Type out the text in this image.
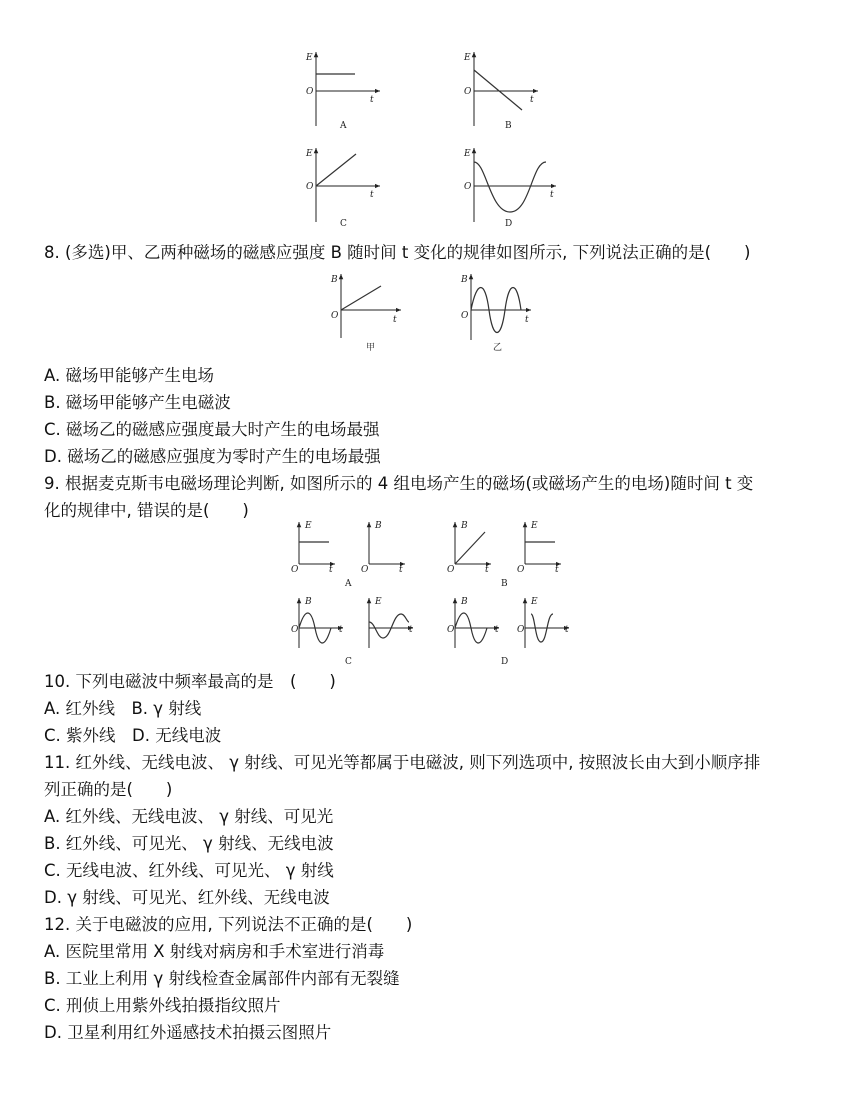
E
O
t
A
E
O
t
B
E
O
t
C
E
O
t
D
8. (多选)甲、乙两种磁场的磁感应强度 B 随时间 t 变化的规律如图所示, 下列说法正确的是(　　)
B
O	t
甲
B
O	t
乙
A. 磁场甲能够产生电场
B. 磁场甲能够产生电磁波
C. 磁场乙的磁感应强度最大时产生的电场最强
D. 磁场乙的磁感应强度为零时产生的电场最强
9. 根据麦克斯韦电磁场理论判断, 如图所示的 4 组电场产生的磁场(或磁场产生的电场)随时间 t 变
化的规律中, 错误的是(　　)
E
O	t
B
O	t
A
B
O	t
E
O	t
B
B
O	t
E
t
C
B
O	t
E
O	t
D
10. 下列电磁波中频率最高的是　(　　)
A. 红外线　B. γ 射线
C. 紫外线　D. 无线电波
11. 红外线、无线电波、 γ 射线、可见光等都属于电磁波, 则下列选项中, 按照波长由大到小顺序排
列正确的是(　　)
A. 红外线、无线电波、 γ 射线、可见光
B. 红外线、可见光、 γ 射线、无线电波
C. 无线电波、红外线、可见光、 γ 射线
D. γ 射线、可见光、红外线、无线电波
12. 关于电磁波的应用, 下列说法不正确的是(　　)
A. 医院里常用 X 射线对病房和手术室进行消毒
B. 工业上利用 γ 射线检查金属部件内部有无裂缝
C. 刑侦上用紫外线拍摄指纹照片
D. 卫星利用红外遥感技术拍摄云图照片
